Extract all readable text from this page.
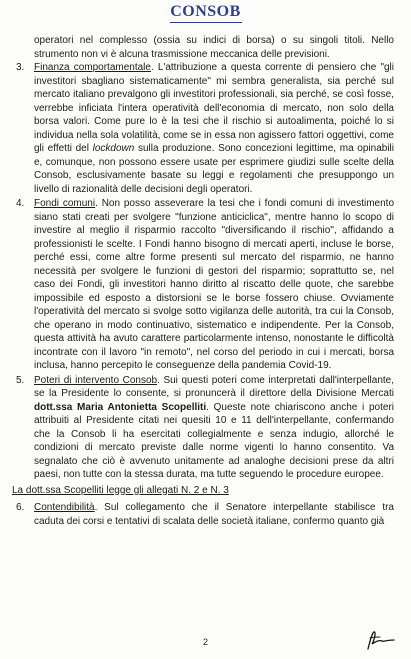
CONSOB

operatori nel complesso (ossia su indici di borsa) o su singoli titoli. Nello strumento non vi è alcuna trasmissione meccanica delle previsioni.

3. Finanza comportamentale. L'attribuzione a questa corrente di pensiero che "gli investitori sbagliano sistematicamente" mi sembra generalista, sia perché sul mercato italiano prevalgono gli investitori professionali, sia perché, se così fosse, verrebbe inficiata l'intera operatività dell'economia di mercato, non solo della borsa valori. Come pure lo è la tesi che il rischio si autoalimenta, poiché lo si individua nella sola volatilità, come se in essa non agissero fattori oggettivi, come gli effetti del lockdown sulla produzione. Sono concezioni legittime, ma opinabili e, comunque, non possono essere usate per esprimere giudizi sulle scelte della Consob, esclusivamente basate su leggi e regolamenti che presuppongo un livello di razionalità delle decisioni degli operatori.
4. Fondi comuni. Non posso asseverare la tesi che i fondi comuni di investimento siano stati creati per svolgere "funzione anticiclica", mentre hanno lo scopo di investire al meglio il risparmio raccolto "diversificando il rischio", affidando a professionisti le scelte. I Fondi hanno bisogno di mercati aperti, incluse le borse, perché essi, come altre forme presenti sul mercato del risparmio, ne hanno necessità per svolgere le funzioni di gestori del risparmio; soprattutto se, nel caso dei Fondi, gli investitori hanno diritto al riscatto delle quote, che sarebbe impossibile ed esposto a distorsioni se le borse fossero chiuse. Ovviamente l'operatività del mercato si svolge sotto vigilanza delle autorità, tra cui la Consob, che operano in modo continuativo, sistematico e indipendente. Per la Consob, questa attività ha avuto carattere particolarmente intenso, nonostante le difficoltà incontrate con il lavoro "in remoto", nel corso del periodo in cui i mercati, borsa inclusa, hanno percepito le conseguenze della pandemia Covid-19.
5. Poteri di intervento Consob. Sui questi poteri come interpretati dall'interpellante, se la Presidente lo consente, si pronuncerà il direttore della Divisione Mercati dott.ssa Maria Antonietta Scopelliti. Queste note chiariscono anche i poteri attribuiti al Presidente citati nei quesiti 10 e 11 dell'interpellante, confermando che la Consob li ha esercitati collegialmente e senza indugio, allorché le condizioni di mercato previste dalle norme vigenti lo hanno consentito. Va segnalato che ciò è avvenuto unitamente ad analoghe decisioni prese da altri paesi, non tutte con la stessa durata, ma tutte seguendo le procedure europee.
La dott.ssa Scopelliti legge gli allegati N. 2 e N. 3
6. Contendibilità. Sul collegamento che il Senatore interpellante stabilisce tra caduta dei corsi e tentativi di scalata delle società italiane, confermo quanto già
2
